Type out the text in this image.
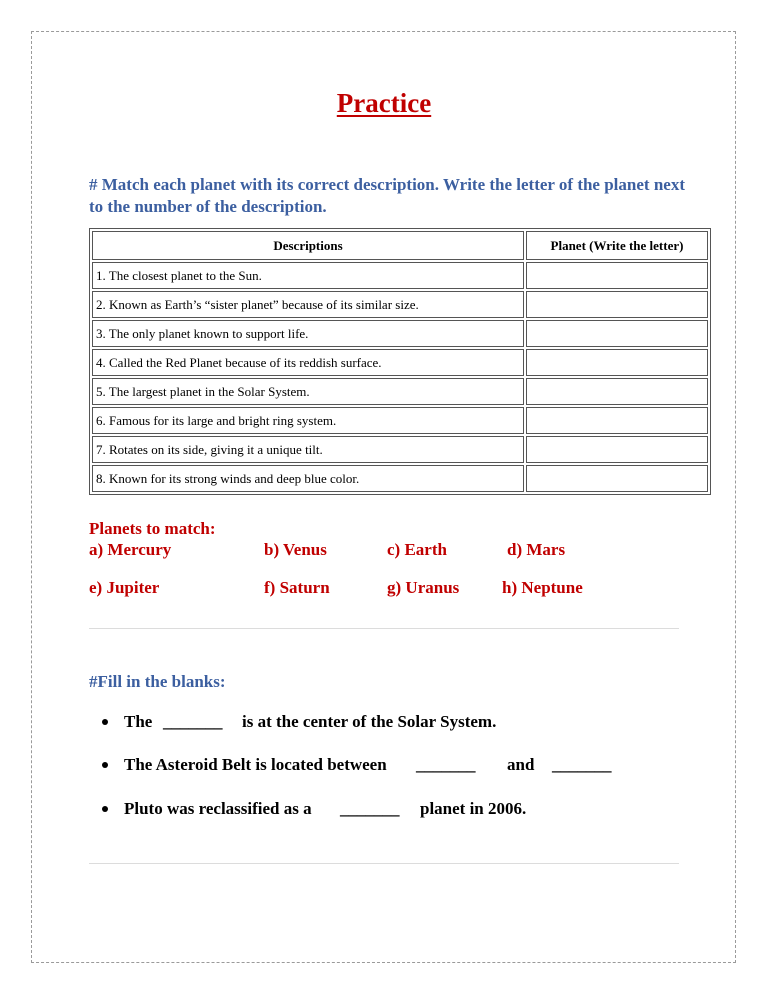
Practice
# Match each planet with its correct description. Write the letter of the planet next to the number of the description.
Descriptions	Planet (Write the letter)
1. The closest planet to the Sun.	
2. Known as Earth’s “sister planet” because of its similar size.	
3. The only planet known to support life.	
4. Called the Red Planet because of its reddish surface.	
5. The largest planet in the Solar System.	
6. Famous for its large and bright ring system.	
7. Rotates on its side, giving it a unique tilt.	
8. Known for its strong winds and deep blue color.	
Planets to match:
a) Mercury	b) Venus	c) Earth	d) Mars
e) Jupiter	f) Saturn	g) Uranus	h) Neptune
#Fill in the blanks:
The _______ is at the center of the Solar System.
The Asteroid Belt is located between _______ and _______
Pluto was reclassified as a _______ planet in 2006.
